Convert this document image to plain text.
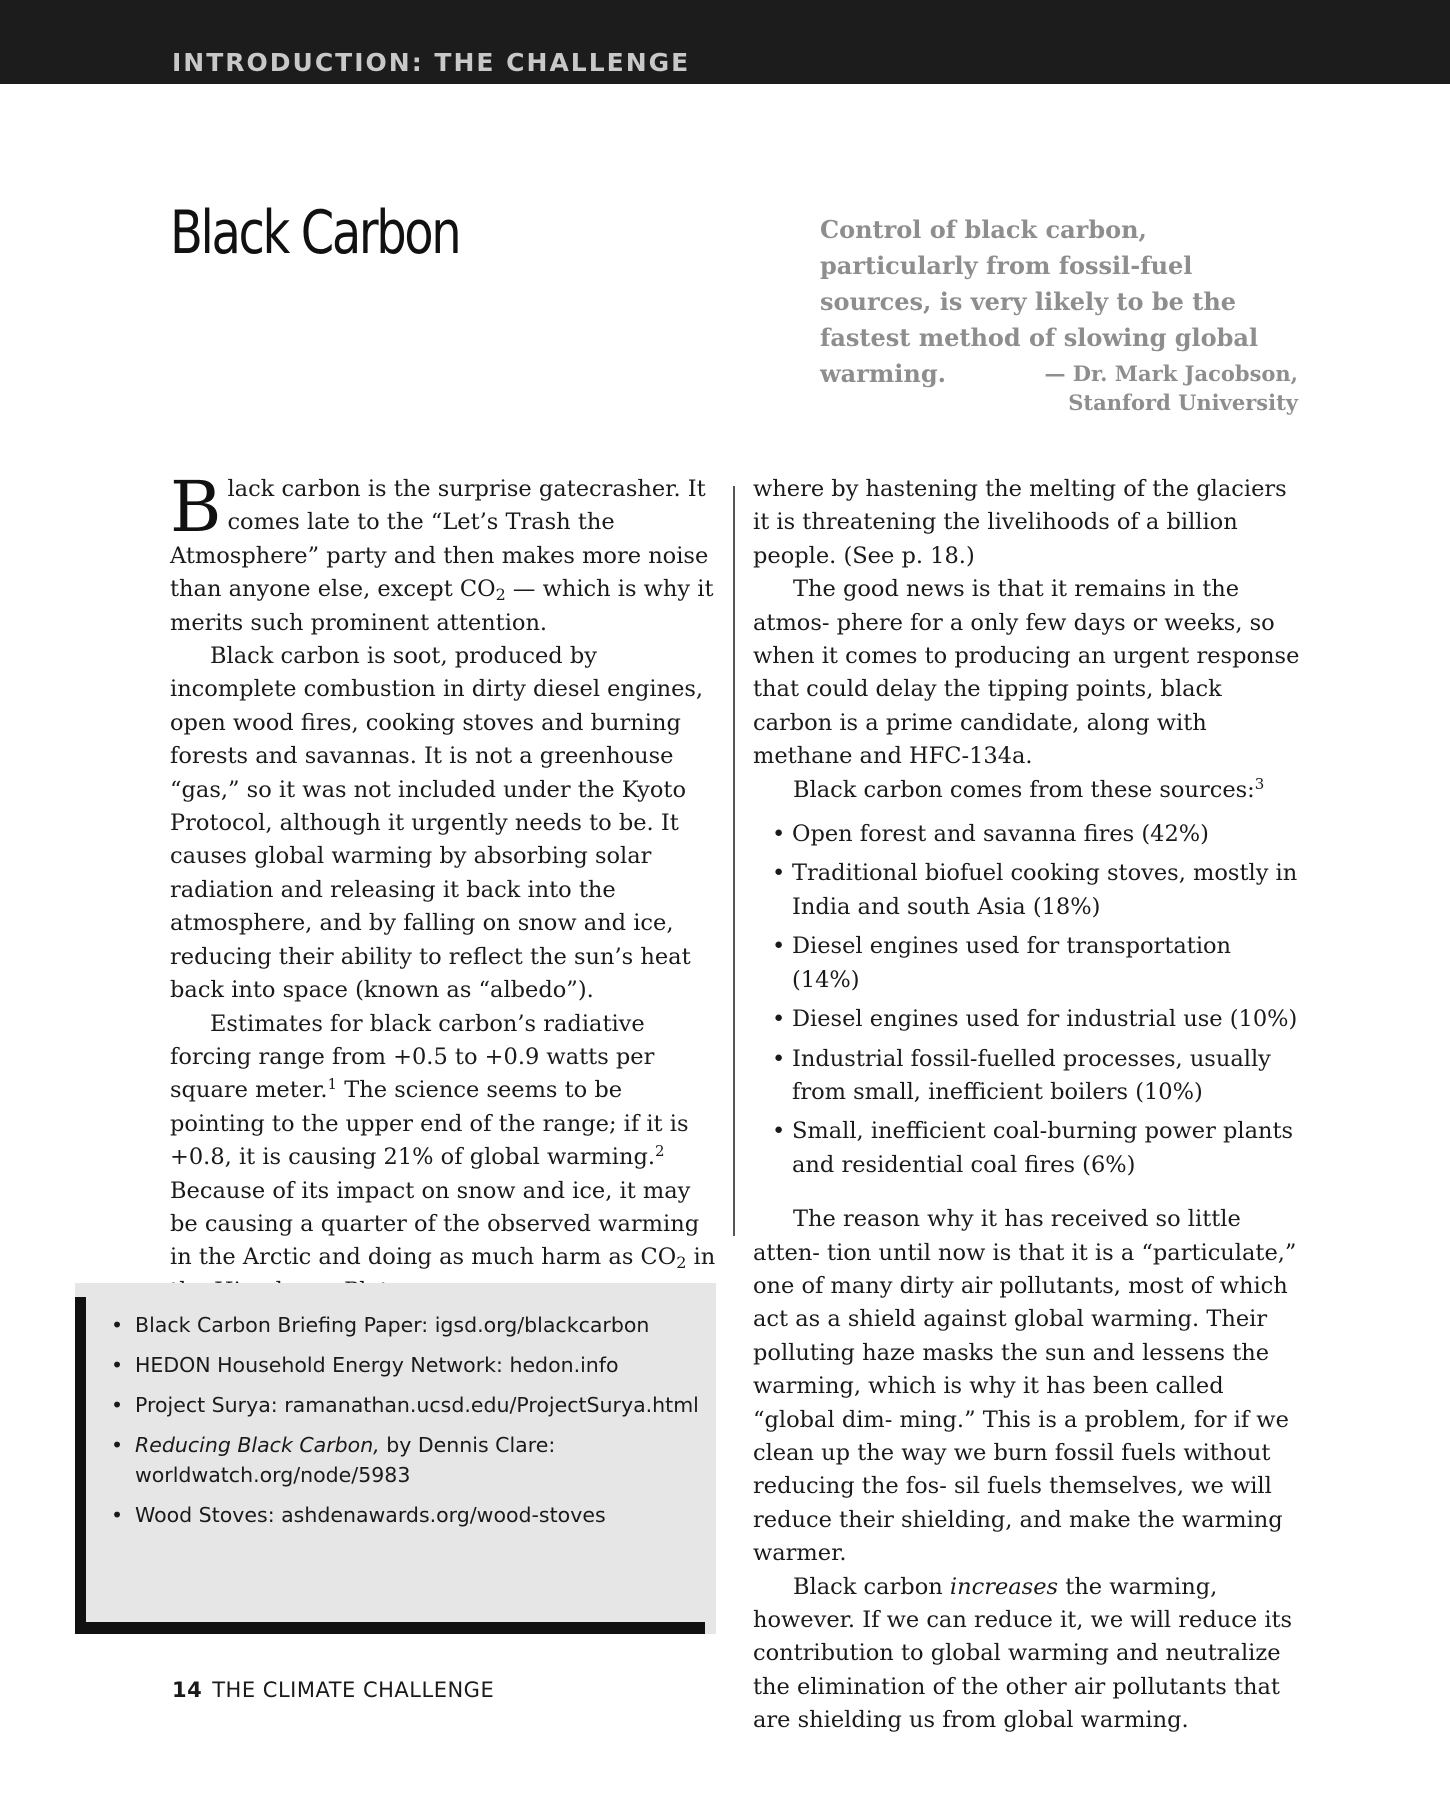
INTRODUCTION: THE CHALLENGE
Black Carbon	Control of black carbon, particularly from fossil-fuel sources, is very likely to be the fastest method of slowing global warming.	— Dr. Mark Jacobson,
Stanford University

Black carbon is the surprise gatecrasher. It comes late to the “Let’s Trash the Atmosphere” party and then makes more noise than anyone else, except $CO_2$ — which is why it merits such prominent attention.

Black carbon is soot, produced by incomplete combustion in dirty diesel engines, open wood fires, cooking stoves and burning forests and savannas. It is not a greenhouse “gas,” so it was not included under the Kyoto Protocol, although it urgently needs to be. It causes global warming by absorbing solar radiation and releasing it back into the atmosphere, and by falling on snow and ice, reducing their ability to reflect the sun’s heat back into space (known as “albedo”).

Estimates for black carbon’s radiative forcing range from +0.5 to +0.9 watts per square meter.$^1$ The science seems to be pointing to the upper end of the range; if it is +0.8, it is causing 21% of global warming.$^2$ Because of its impact on snow and ice, it may be causing a quarter of the observed warming in the Arctic and doing as much harm as $CO_2$ in

where by hastening the melting of the glaciers it is threatening the livelihoods of a billion people. (See p. 18.)

The good news is that it remains in the atmos- phere for a only few days or weeks, so when it comes to producing an urgent response that could delay the tipping points, black carbon is a prime candidate, along with methane and HFC-134a.

Black carbon comes from these sources:$^3$

• Open forest and savanna fires (42%)
• Traditional biofuel cooking stoves, mostly in India and south Asia (18%)
• Diesel engines used for transportation (14%)
• Diesel engines used for industrial use (10%)
• Industrial fossil-fuelled processes, usually from small, inefficient boilers (10%)
• Small, inefficient coal-burning power plants and residential coal fires (6%)

The reason why it has received so little atten- tion until now is that it is a “particulate,” one of many dirty air pollutants, most of which act as a shield against global warming. Their polluting haze masks the sun and lessens the warming, which is why it has been called “global dim- ming.” This is a problem, for if we clean up the way we burn fossil fuels without reducing the fos- sil fuels themselves, we will reduce their shielding, and make the warming warmer.

Black carbon increases the warming, however. If we can reduce it, we will reduce its contribution to global warming and neutralize the elimination of the other air pollutants that are shielding us from global warming.

• Black Carbon Briefing Paper: igsd.org/blackcarbon
• HEDON Household Energy Network: hedon.info
• Project Surya: ramanathan.ucsd.edu/ProjectSurya.html
• Reducing Black Carbon, by Dennis Clare: worldwatch.org/node/5983
• Wood Stoves: ashdenawards.org/wood-stoves
14 THE CLIMATE CHALLENGE
